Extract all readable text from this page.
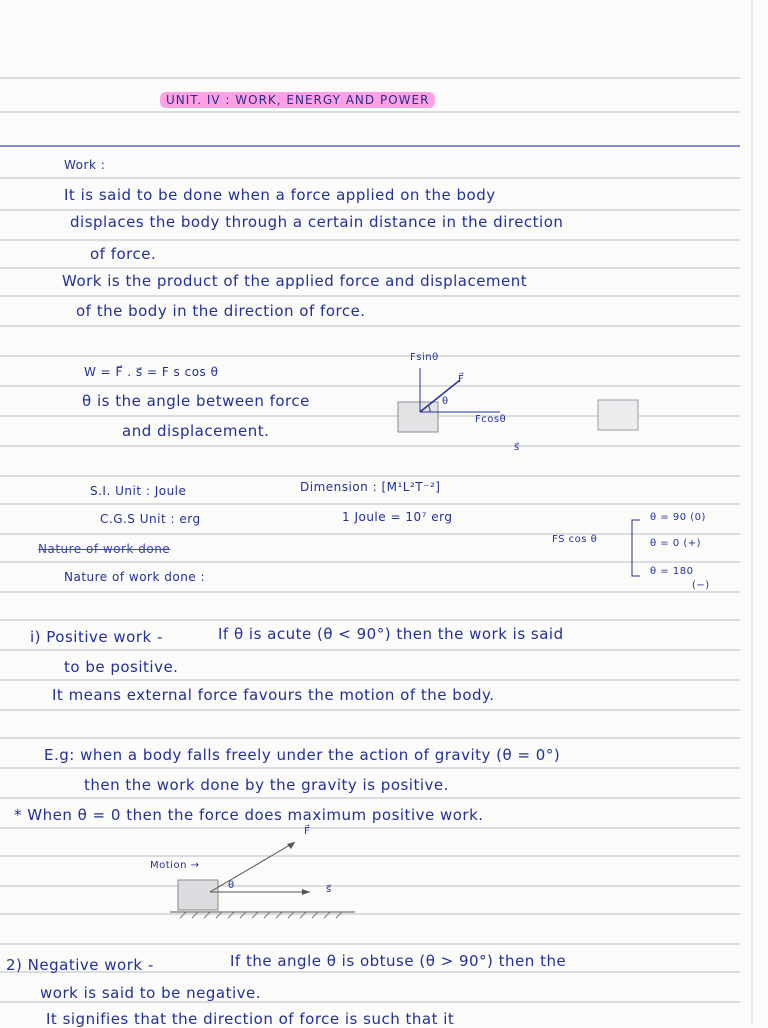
UNIT. IV : WORK, ENERGY AND POWER
Work :
It is said to be done when a force applied on the body
displaces the body through a certain distance in the direction
of force.
Work is the product of the applied force and displacement
of the body in the direction of force.
W = F⃗ . s⃗ = F s cos θ
θ is the angle between force
and displacement.
Fsinθ
F⃗
θ
Fcosθ
s⃗
S.I. Unit : Joule	Dimension : [M¹L²T⁻²]
C.G.S Unit : erg	1 Joule = 10⁷ erg
Nature of work done
FS cos θ
θ = 90 (0)
θ = 0 (+)
θ = 180
(−)
Nature of work done :
i) Positive work -	If θ is acute (θ < 90°) then the work is said
to be positive.
It means external force favours the motion of the body.
E.g: when a body falls freely under the action of gravity (θ = 0°)
then the work done by the gravity is positive.
* When θ = 0 then the force does maximum positive work.
Motion →
F⃗
θ	s⃗
2) Negative work -	If the angle θ is obtuse (θ > 90°) then the
work is said to be negative.
It signifies that the direction of force is such that it
